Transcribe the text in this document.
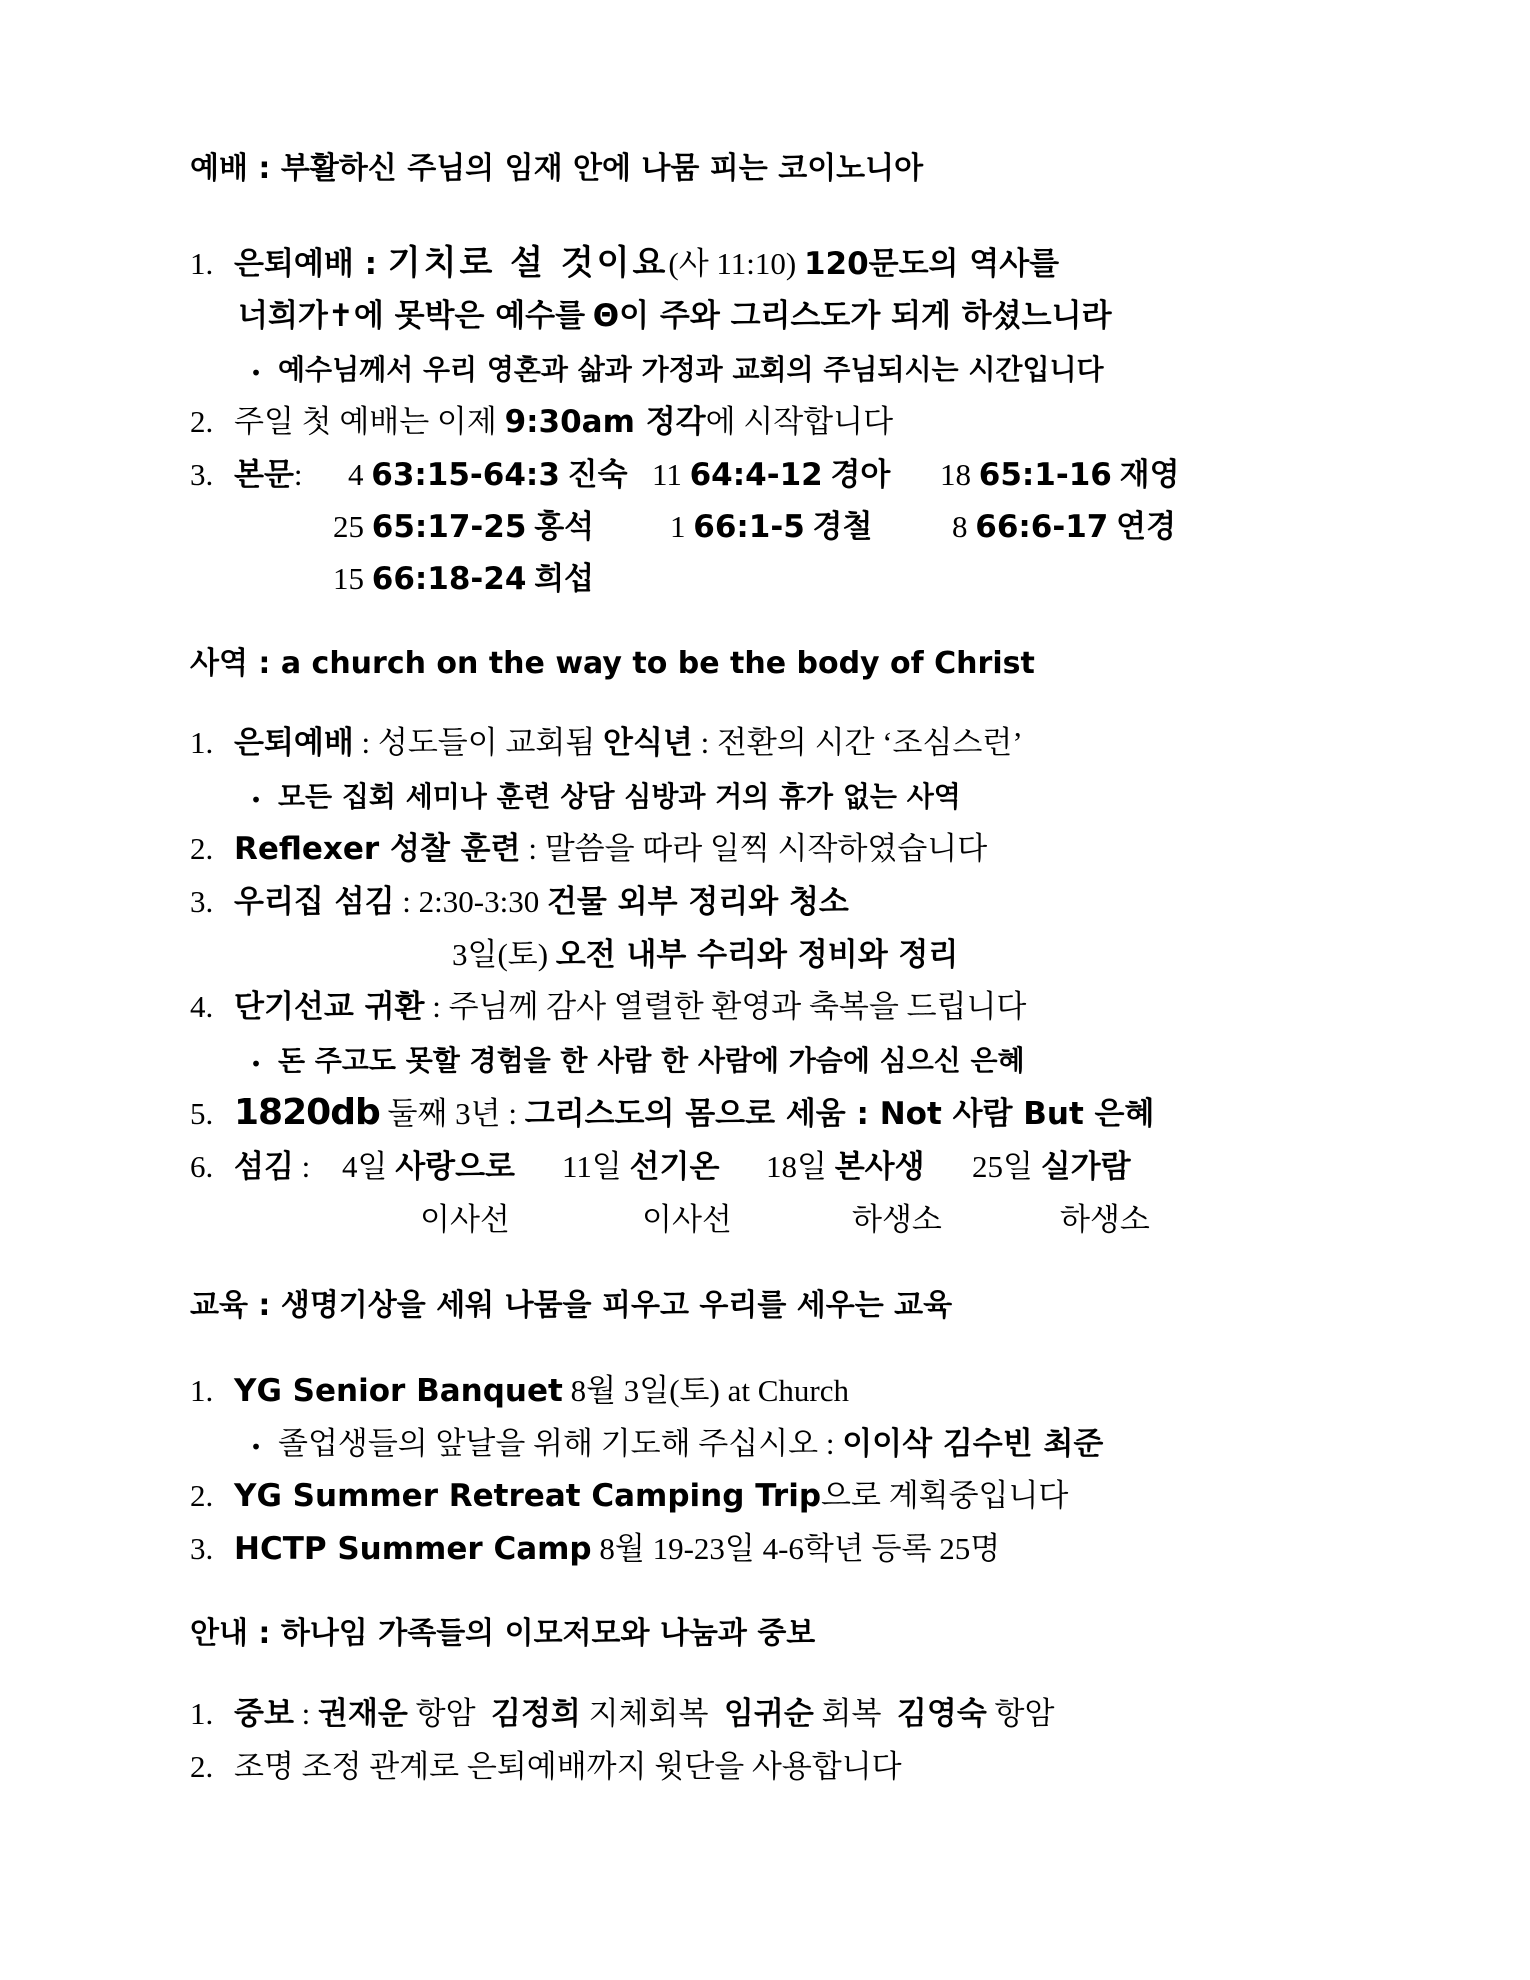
예배 : 부활하신 주님의 임재 안에 나뭄 피는 코이노니아
1. 은퇴예배 : 기치로 설 것이요(사 11:10) 120문도의 역사를
너희가✝에 못박은 예수를 Θ이 주와 그리스도가 되게 하셨느니라
• 예수님께서 우리 영혼과 삶과 가정과 교회의 주님되시는 시간입니다
2. 주일 첫 예배는 이제 9:30am 정각에 시작합니다
3. 본문: 4 63:15-64:3 진숙 11 64:4-12 경아 18 65:1-16 재영
25 65:17-25 홍석 1 66:1-5 경철	8 66:6-17 연경
15 66:18-24 희섭
사역 : a church on the way to be the body of Christ
1. 은퇴예배 : 성도들이 교회됨 안식년 : 전환의 시간 ‘조심스런’
• 모든 집회 세미나 훈련 상담 심방과 거의 휴가 없는 사역
2. Reflexer 성찰 훈련 : 말씀을 따라 일찍 시작하였습니다
3. 우리집 섬김 : 2:30-3:30 건물 외부 정리와 청소
3일(토) 오전 내부 수리와 정비와 정리
4. 단기선교 귀환 : 주님께 감사 열렬한 환영과 축복을 드립니다
• 돈 주고도 못할 경험을 한 사람 한 사람에 가슴에 심으신 은혜
5. 1820db 둘째 3년 : 그리스도의 몸으로 세움 : Not 사람 But 은혜
6. 섬김 : 4일 사랑으로 11일 선기온 18일 본사생 25일 실가람
이사선	이사선	하생소	하생소
교육 : 생명기상을 세워 나뭄을 피우고 우리를 세우는 교육
1. YG Senior Banquet 8월 3일(토) at Church
• 졸업생들의 앞날을 위해 기도해 주십시오 : 이이삭 김수빈 최준
2. YG Summer Retreat Camping Trip으로 계획중입니다
3. HCTP Summer Camp 8월 19-23일 4-6학년 등록 25명
안내 : 하나임 가족들의 이모저모와 나눔과 중보
1. 중보 : 권재운 항암 김정희 지체회복 임귀순 회복 김영숙 항암
2. 조명 조정 관계로 은퇴예배까지 윗단을 사용합니다
